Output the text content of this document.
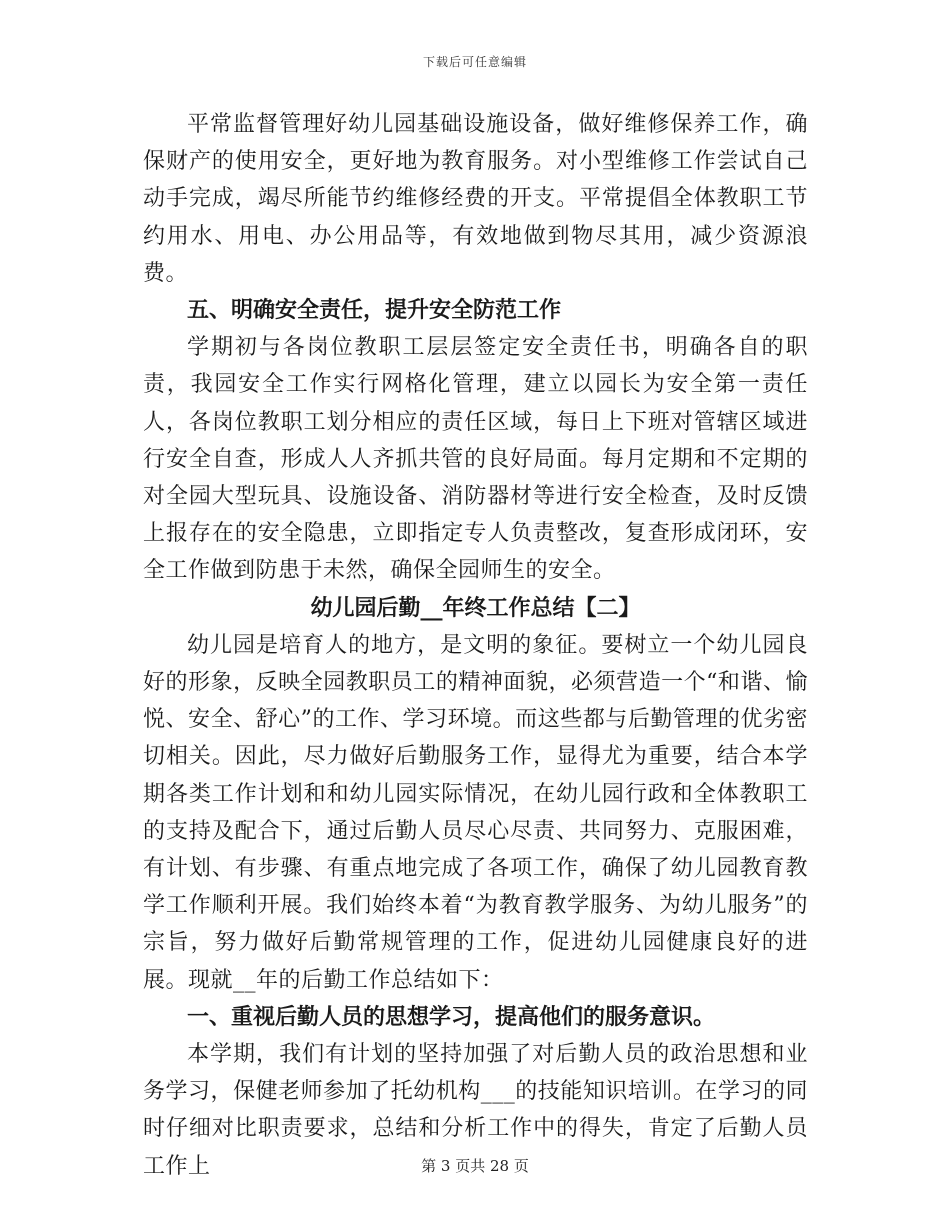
下载后可任意编辑

平常监督管理好幼儿园基础设施设备，做好维修保养工作，确保财产的使用安全，更好地为教育服务。对小型维修工作尝试自己动手完成，竭尽所能节约维修经费的开支。平常提倡全体教职工节约用水、用电、办公用品等，有效地做到物尽其用，减少资源浪费。

五、明确安全责任，提升安全防范工作

学期初与各岗位教职工层层签定安全责任书，明确各自的职责，我园安全工作实行网格化管理，建立以园长为安全第一责任人，各岗位教职工划分相应的责任区域，每日上下班对管辖区域进行安全自查，形成人人齐抓共管的良好局面。每月定期和不定期的对全园大型玩具、设施设备、消防器材等进行安全检查，及时反馈上报存在的安全隐患，立即指定专人负责整改，复查形成闭环，安全工作做到防患于未然，确保全园师生的安全。

幼儿园后勤__年终工作总结【二】

幼儿园是培育人的地方，是文明的象征。要树立一个幼儿园良好的形象，反映全园教职员工的精神面貌，必须营造一个“和谐、愉悦、安全、舒心”的工作、学习环境。而这些都与后勤管理的优劣密切相关。因此，尽力做好后勤服务工作，显得尤为重要，结合本学期各类工作计划和和幼儿园实际情况，在幼儿园行政和全体教职工的支持及配合下，通过后勤人员尽心尽责、共同努力、克服困难，有计划、有步骤、有重点地完成了各项工作，确保了幼儿园教育教学工作顺利开展。我们始终本着“为教育教学服务、为幼儿服务”的宗旨，努力做好后勤常规管理的工作，促进幼儿园健康良好的进展。现就__年的后勤工作总结如下：

一、重视后勤人员的思想学习，提高他们的服务意识。

本学期，我们有计划的坚持加强了对后勤人员的政治思想和业务学习，保健老师参加了托幼机构___的技能知识培训。在学习的同时仔细对比职责要求，总结和分析工作中的得失，肯定了后勤人员工作上	第 3 页共 28 页
